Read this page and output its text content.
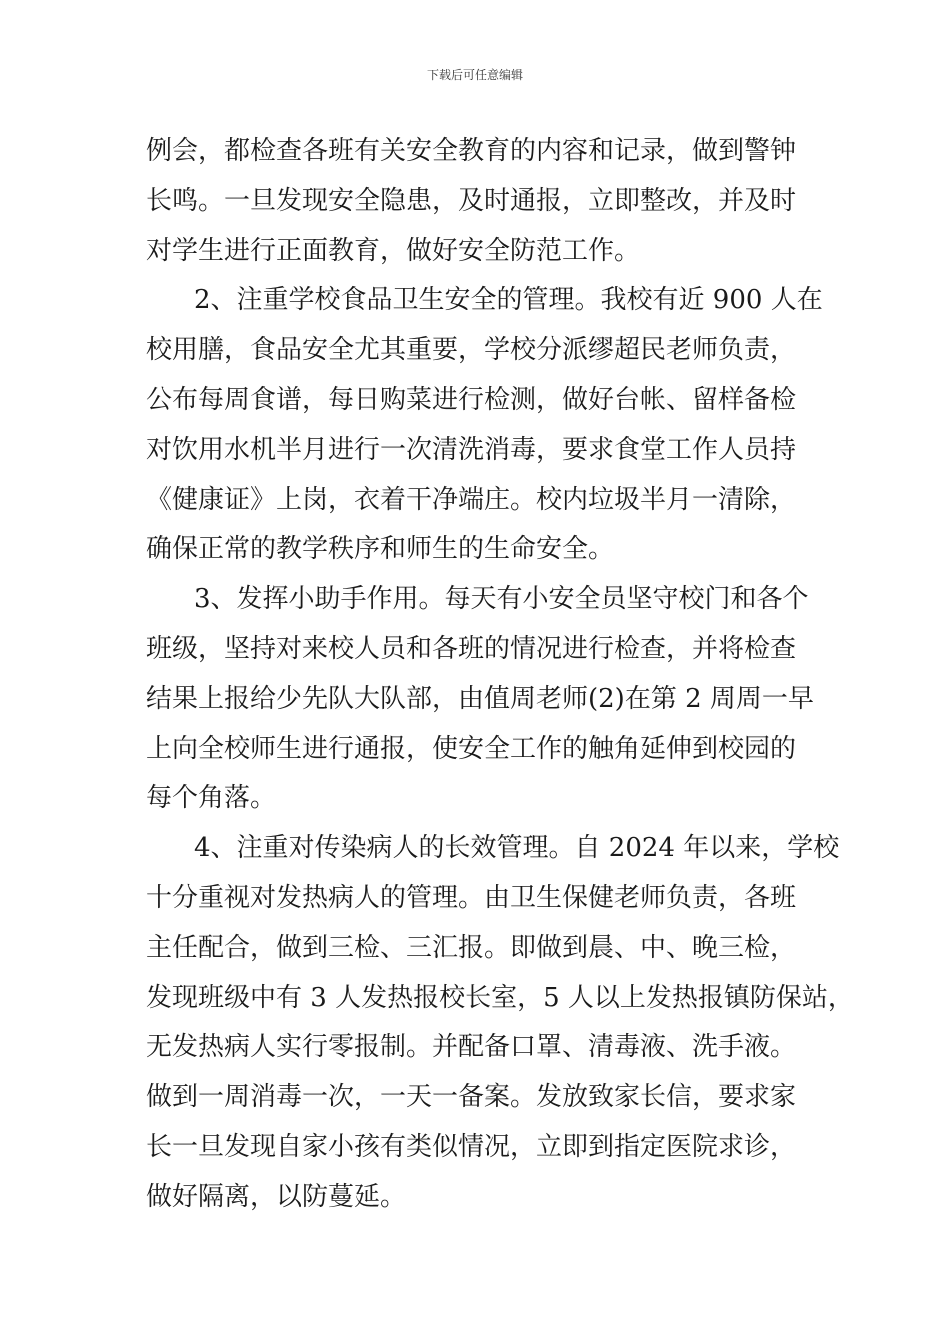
下载后可任意编辑
例会，都检查各班有关安全教育的内容和记录，做到警钟
长鸣。一旦发现安全隐患，及时通报，立即整改，并及时
对学生进行正面教育，做好安全防范工作。
2、注重学校食品卫生安全的管理。我校有近 900 人在
校用膳，食品安全尤其重要，学校分派缪超民老师负责，
公布每周食谱，每日购菜进行检测，做好台帐、留样备检
对饮用水机半月进行一次清洗消毒，要求食堂工作人员持
《健康证》上岗，衣着干净端庄。校内垃圾半月一清除，
确保正常的教学秩序和师生的生命安全。
3、发挥小助手作用。每天有小安全员坚守校门和各个
班级，坚持对来校人员和各班的情况进行检查，并将检查
结果上报给少先队大队部，由值周老师(2)在第 2 周周一早
上向全校师生进行通报，使安全工作的触角延伸到校园的
每个角落。
4、注重对传染病人的长效管理。自 2024 年以来，学校
十分重视对发热病人的管理。由卫生保健老师负责，各班
主任配合，做到三检、三汇报。即做到晨、中、晚三检，
发现班级中有 3 人发热报校长室，5 人以上发热报镇防保站，
无发热病人实行零报制。并配备口罩、清毒液、洗手液。
做到一周消毒一次，一天一备案。发放致家长信，要求家
长一旦发现自家小孩有类似情况，立即到指定医院求诊，
做好隔离，以防蔓延。
